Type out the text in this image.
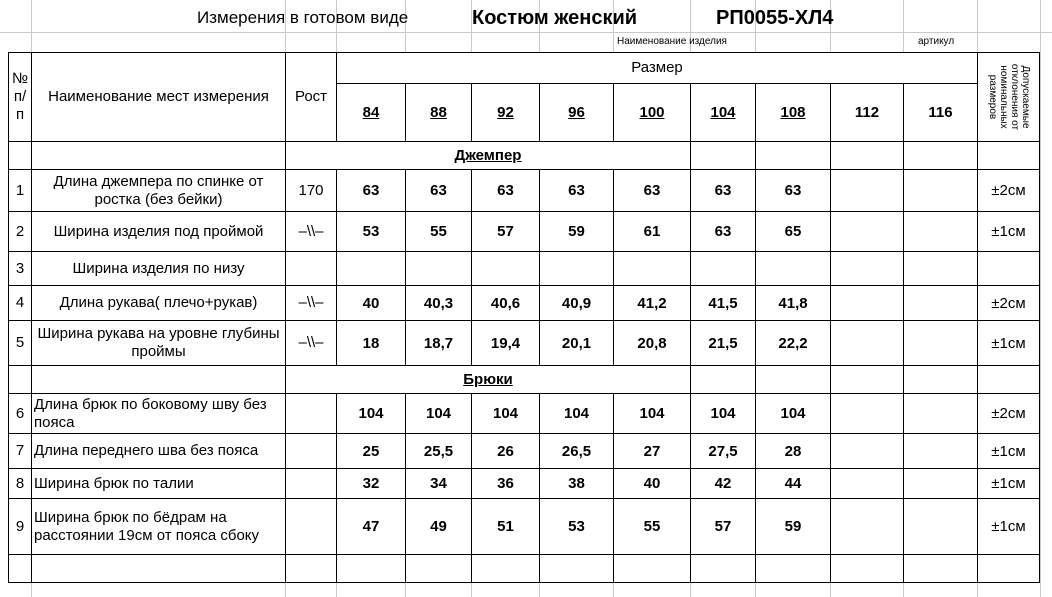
Измерения в готовом виде	Костюм женский	РП0055-ХЛ4
Наименование изделия	артикул
№ п/ п	Наименование мест измерения	Рост	Размер									Допускаемые отклонения от номинальных размеров

			84	88	92	96	100	104	108	112	116	
		Джемпер										
1	Длина джемпера по спинке от ростка (без бейки)	170	63	63	63	63	63	63	63			±2см
2	Ширина изделия под проймой	–\\–	53	55	57	59	61	63	65			±1см
3	Ширина изделия по низу											
4	Длина рукава( плечо+рукав)	–\\–	40	40,3	40,6	40,9	41,2	41,5	41,8			±2см
5	Ширина рукава на уровне глубины проймы	–\\–	18	18,7	19,4	20,1	20,8	21,5	22,2			±1см
		Брюки										
6	Длина брюк по боковому шву без пояса		104	104	104	104	104	104	104			±2см
7	Длина переднего шва без пояса		25	25,5	26	26,5	27	27,5	28			±1см
8	Ширина брюк по талии		32	34	36	38	40	42	44			±1см
9	Ширина брюк по бёдрам на расстоянии 19см от пояса сбоку		47	49	51	53	55	57	59			±1см
